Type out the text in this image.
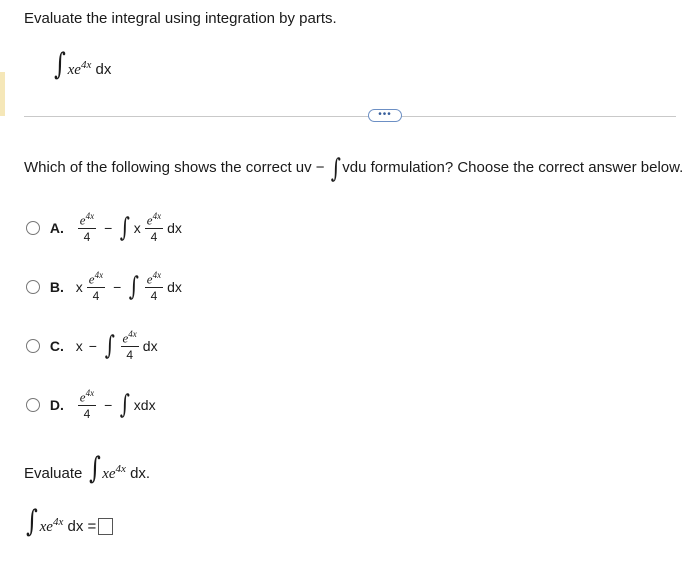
Evaluate the integral using integration by parts.
∫ $xe^{4x}$ dx
•••
Which of the following shows the correct uv − ∫ vdu formulation? Choose the correct answer below.
A. $\frac{e^{4x}}{4}$ − ∫ x $\frac{e^{4x}}{4}$ dx
B. x $\frac{e^{4x}}{4}$ − ∫ $\frac{e^{4x}}{4}$ dx
C. x − ∫ $\frac{e^{4x}}{4}$ dx
D. $\frac{e^{4x}}{4}$ − ∫ xdx
Evaluate ∫ $xe^{4x}$ dx.
∫ $xe^{4x}$ dx =
